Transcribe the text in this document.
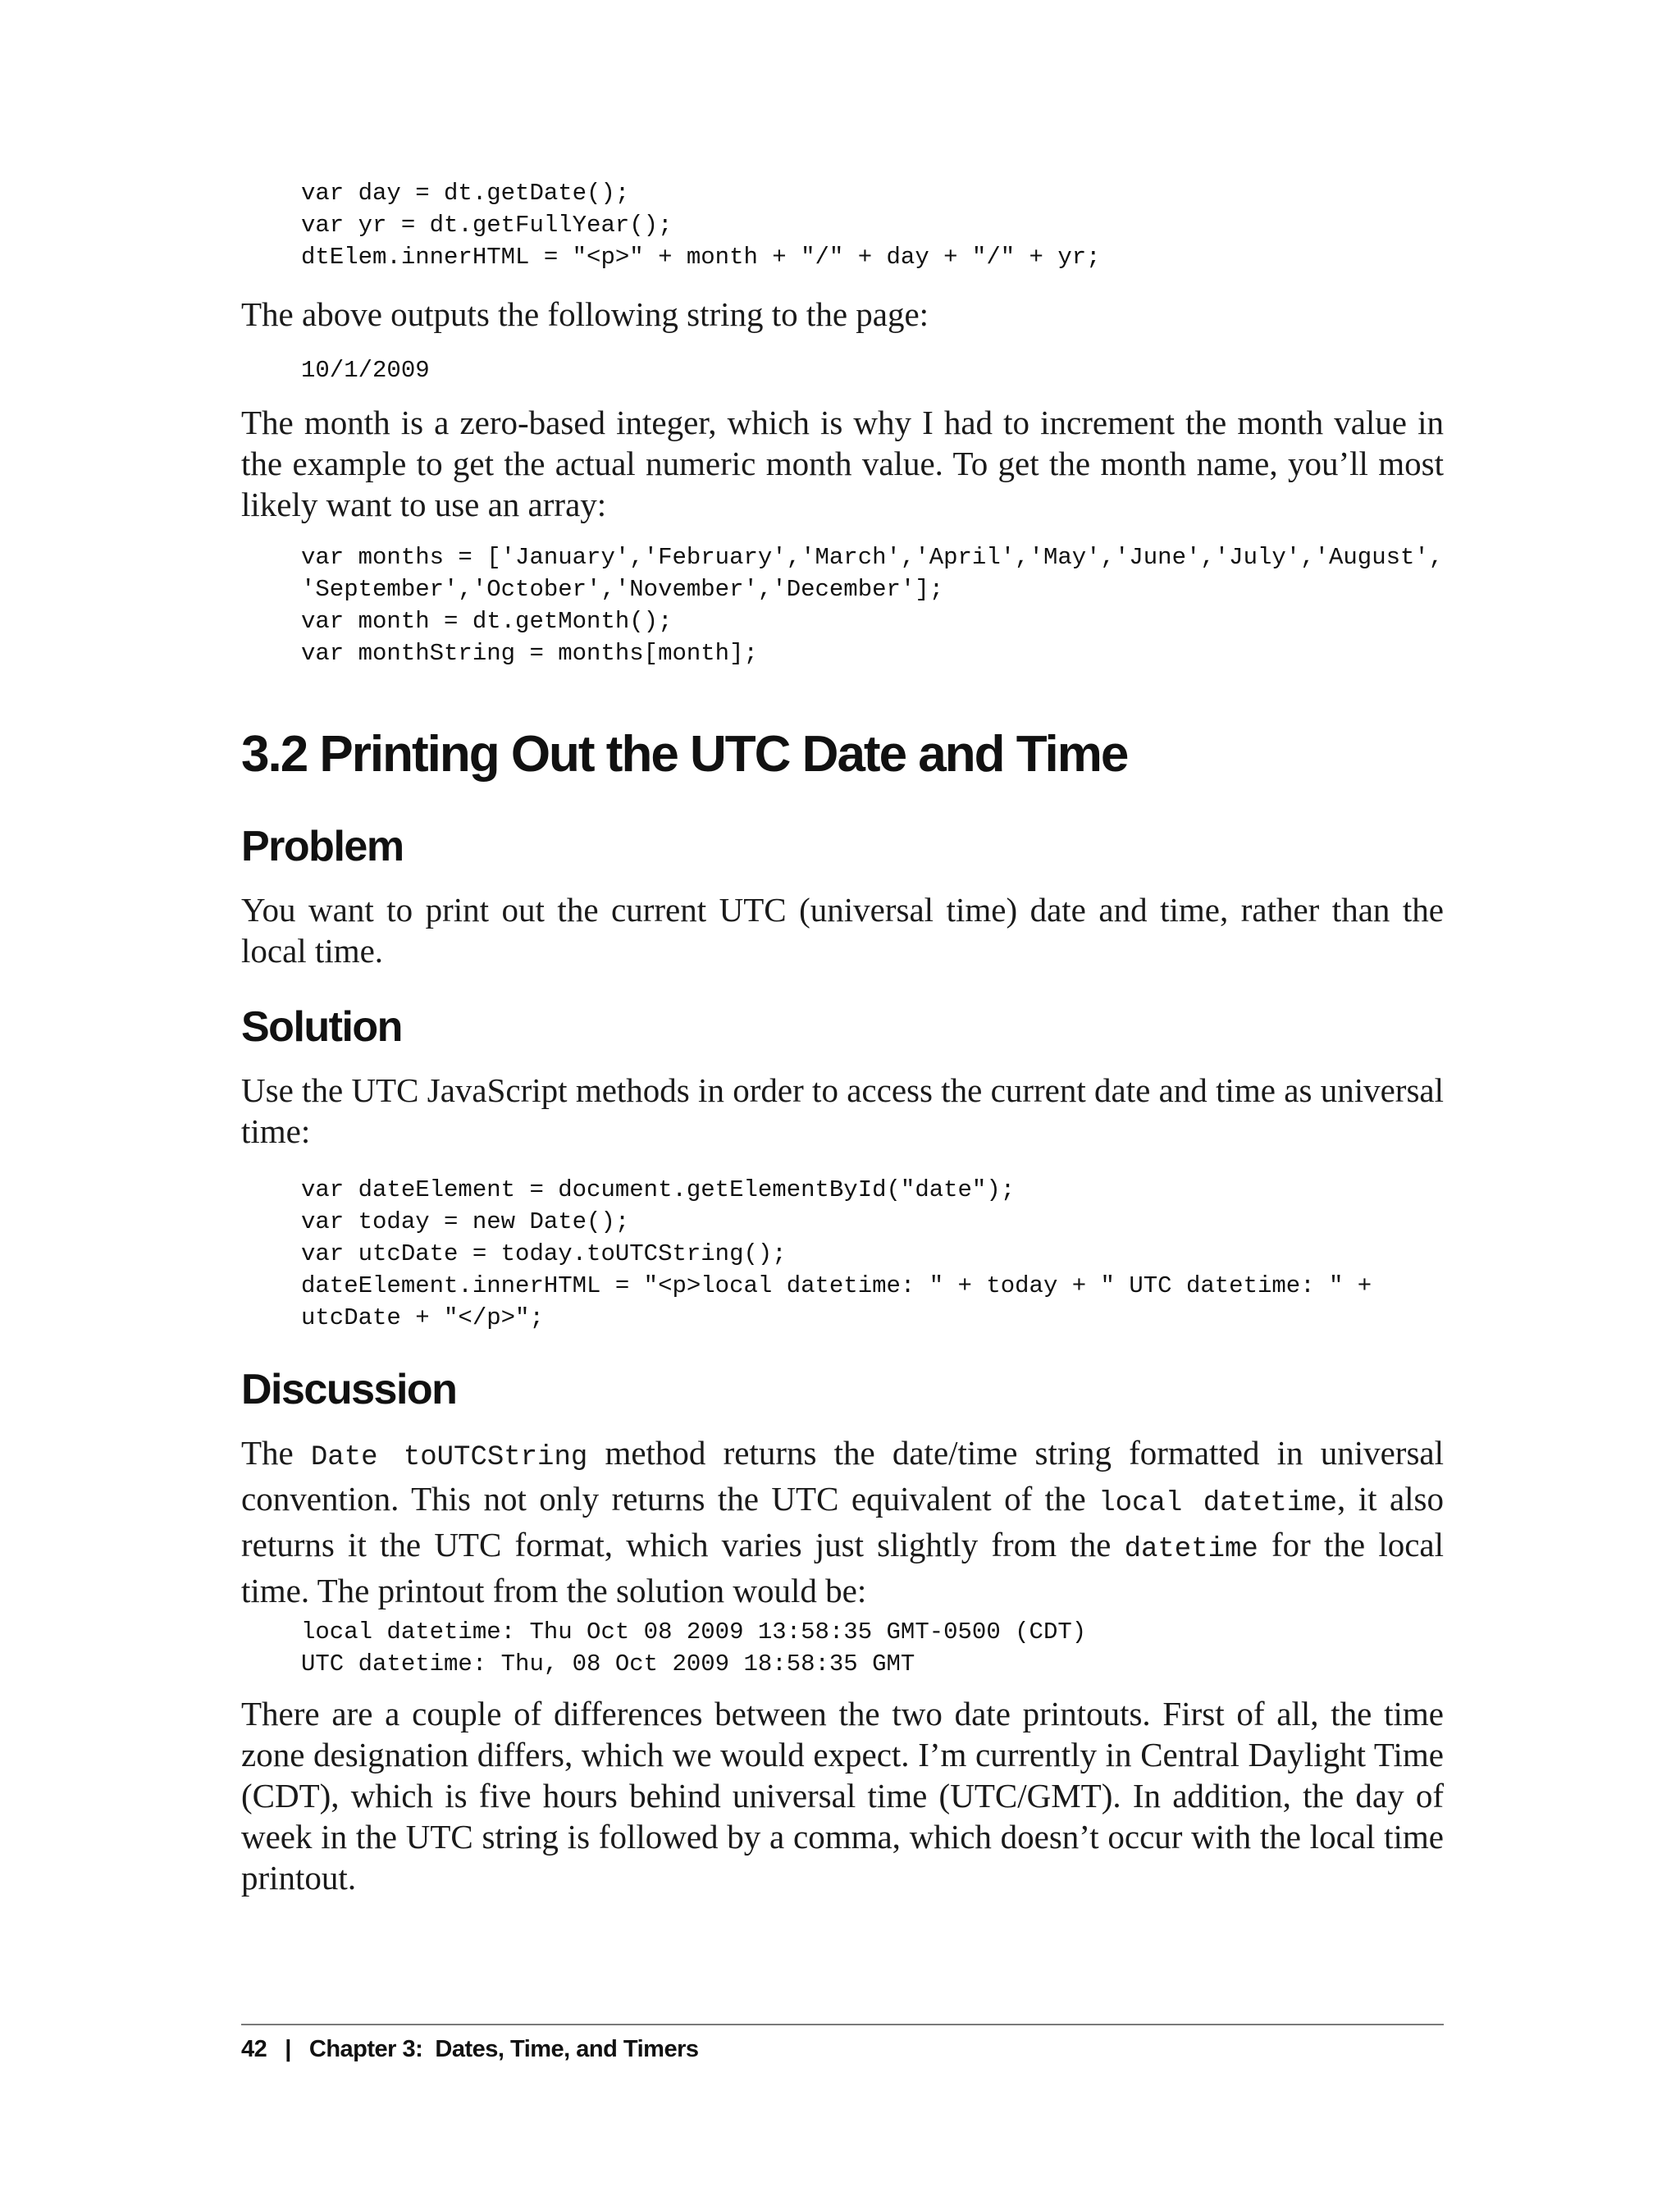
var day = dt.getDate();
var yr = dt.getFullYear();
dtElem.innerHTML = "<p>" + month + "/" + day + "/" + yr;

The above outputs the following string to the page:

10/1/2009

The month is a zero-based integer, which is why I had to increment the month value in the example to get the actual numeric month value. To get the month name, you’ll most likely want to use an array:

var months = ['January','February','March','April','May','June','July','August',
'September','October','November','December'];
var month = dt.getMonth();
var monthString = months[month];
3.2 Printing Out the UTC Date and Time
Problem

You want to print out the current UTC (universal time) date and time, rather than the local time.

Solution

Use the UTC JavaScript methods in order to access the current date and time as universal time:

var dateElement = document.getElementById("date");
var today = new Date();
var utcDate = today.toUTCString();
dateElement.innerHTML = "<p>local datetime: " + today + " UTC datetime: " +
utcDate + "</p>";
Discussion

The Date toUTCString method returns the date/time string formatted in universal convention. This not only returns the UTC equivalent of the local datetime, it also returns it the UTC format, which varies just slightly from the datetime for the local time. The printout from the solution would be:

local datetime: Thu Oct 08 2009 13:58:35 GMT-0500 (CDT)
UTC datetime: Thu, 08 Oct 2009 18:58:35 GMT

There are a couple of differences between the two date printouts. First of all, the time zone designation differs, which we would expect. I’m currently in Central Daylight Time (CDT), which is five hours behind universal time (UTC/GMT). In addition, the day of week in the UTC string is followed by a comma, which doesn’t occur with the local time printout.

42 | Chapter 3:  Dates, Time, and Timers
